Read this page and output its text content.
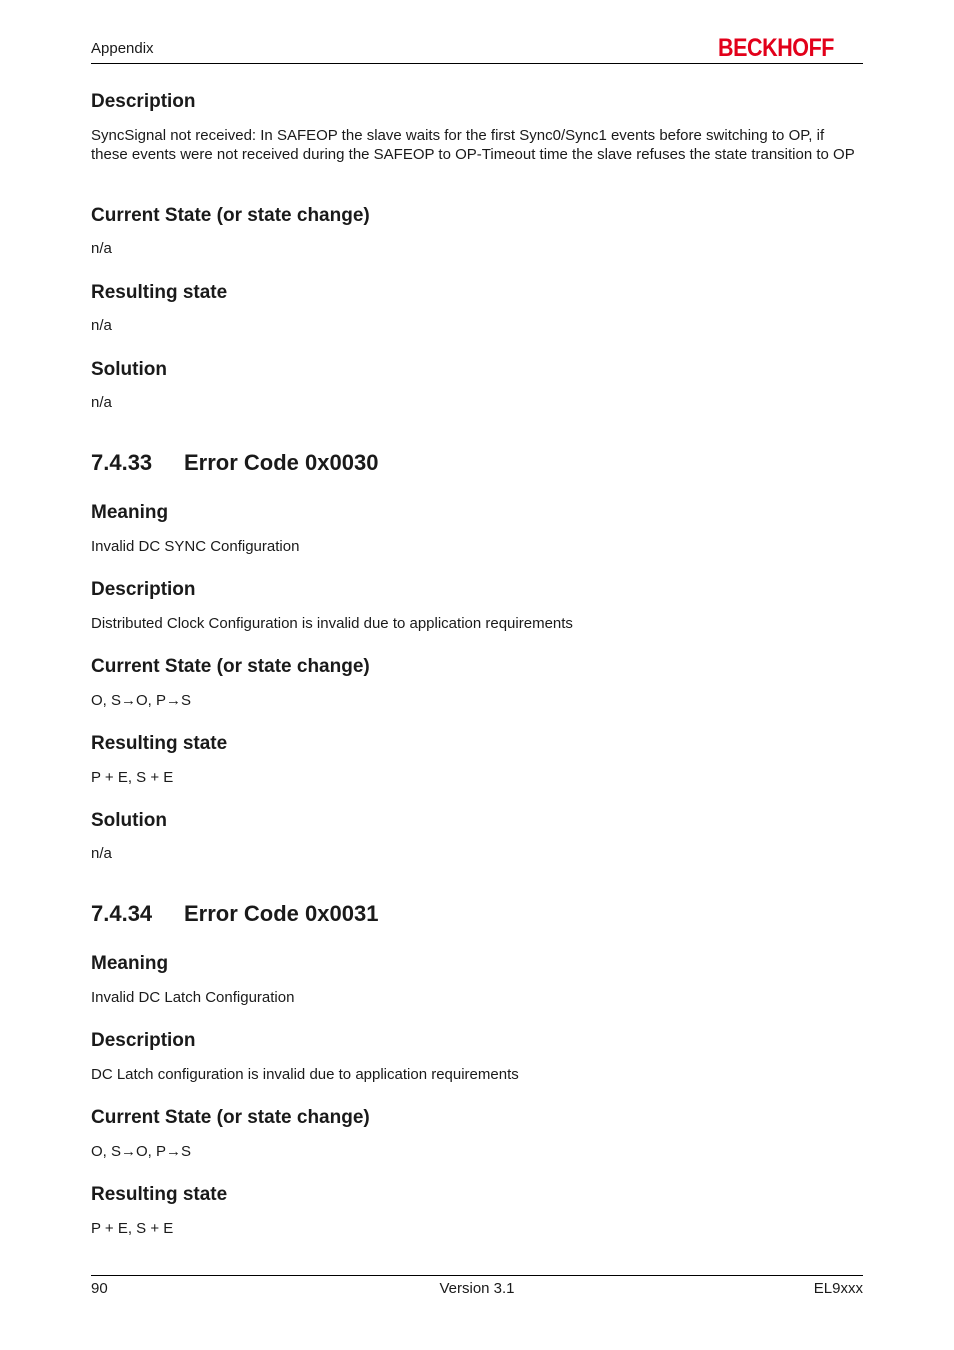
Appendix	BECKHOFF
Description
SyncSignal not received: In SAFEOP the slave waits for the first Sync0/Sync1 events before switching to OP, if these events were not received during the SAFEOP to OP-Timeout time the slave refuses the state transition to OP
Current State (or state change)
n/a
Resulting state
n/a
Solution
n/a
7.4.33 Error Code 0x0030
Meaning
Invalid DC SYNC Configuration
Description
Distributed Clock Configuration is invalid due to application requirements
Current State (or state change)
O, S→O, P→S
Resulting state
P + E, S + E
Solution
n/a
7.4.34 Error Code 0x0031
Meaning
Invalid DC Latch Configuration
Description
DC Latch configuration is invalid due to application requirements
Current State (or state change)
O, S→O, P→S
Resulting state
P + E, S + E
90	Version 3.1	EL9xxx
